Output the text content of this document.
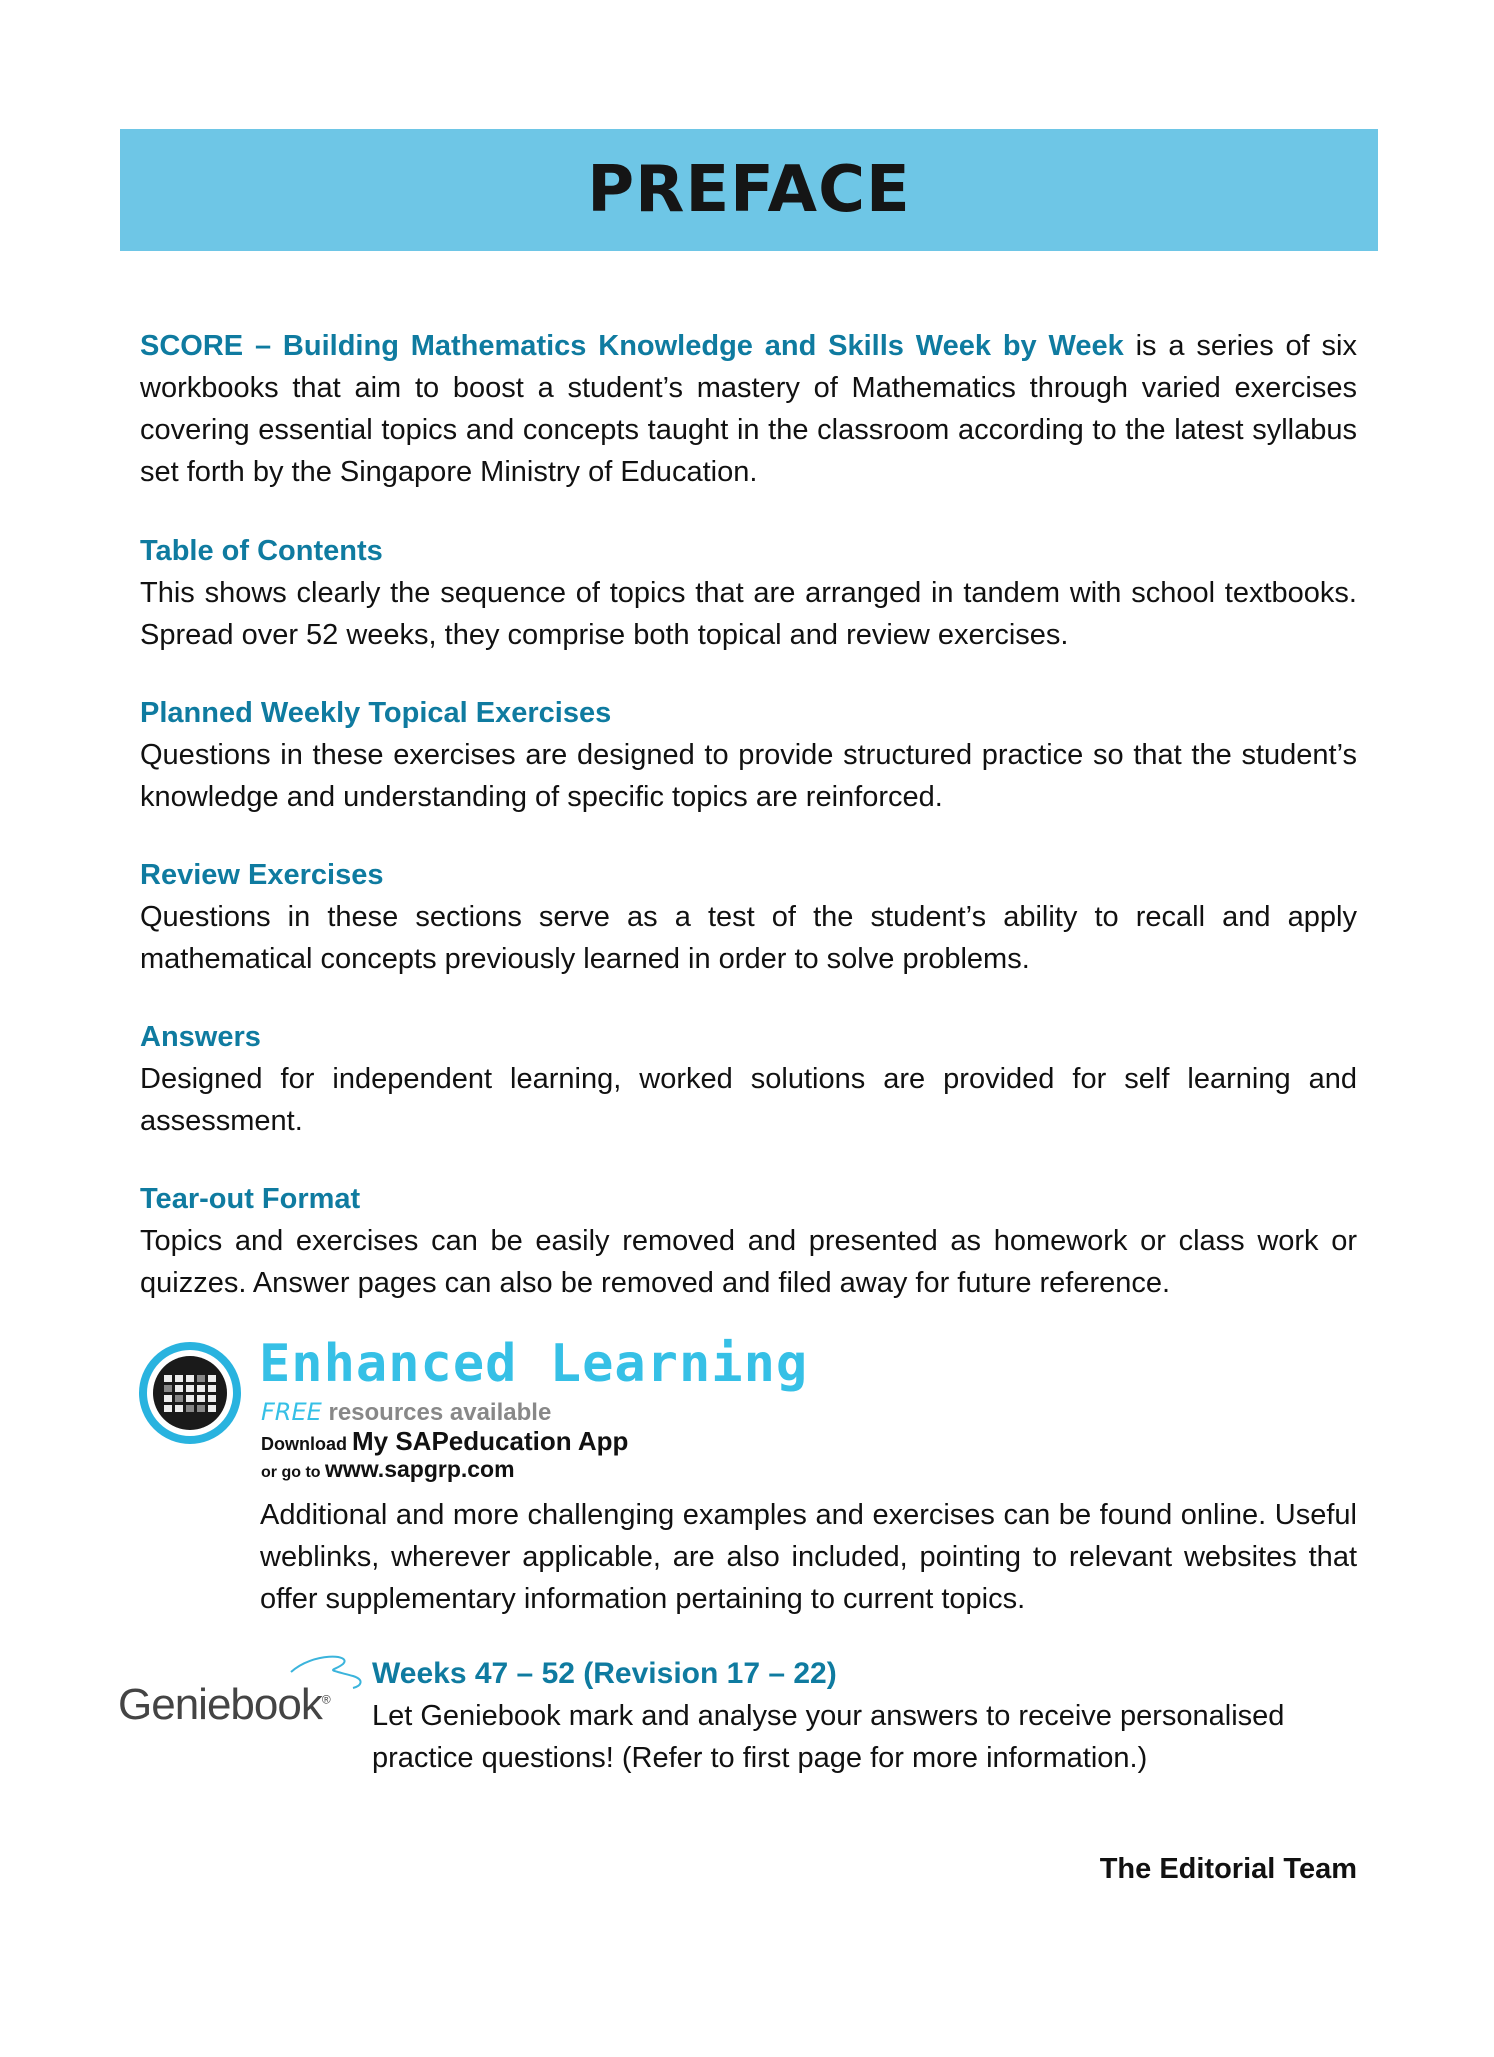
PREFACE

SCORE – Building Mathematics Knowledge and Skills Week by Week is a series of six workbooks that aim to boost a student’s mastery of Mathematics through varied exercises covering essential topics and concepts taught in the classroom according to the latest syllabus set forth by the Singapore Ministry of Education.

Table of Contents

This shows clearly the sequence of topics that are arranged in tandem with school textbooks. Spread over 52 weeks, they comprise both topical and review exercises.

Planned Weekly Topical Exercises

Questions in these exercises are designed to provide structured practice so that the student’s knowledge and understanding of specific topics are reinforced.

Review Exercises

Questions in these sections serve as a test of the student’s ability to recall and apply mathematical concepts previously learned in order to solve problems.

Answers

Designed for independent learning, worked solutions are provided for self learning and assessment.

Tear-out Format

Topics and exercises can be easily removed and presented as homework or class work or quizzes. Answer pages can also be removed and filed away for future reference.

Enhanced Learning
FREE resources available
Download My SAPeducation App
or go to www.sapgrp.com
Additional and more challenging examples and exercises can be found online. Useful weblinks, wherever applicable, are also included, pointing to relevant websites that offer supplementary information pertaining to current topics.
Geniebook®
Weeks 47 – 52 (Revision 17 – 22)

Let Geniebook mark and analyse your answers to receive personalised practice questions! (Refer to first page for more information.)

The Editorial Team
